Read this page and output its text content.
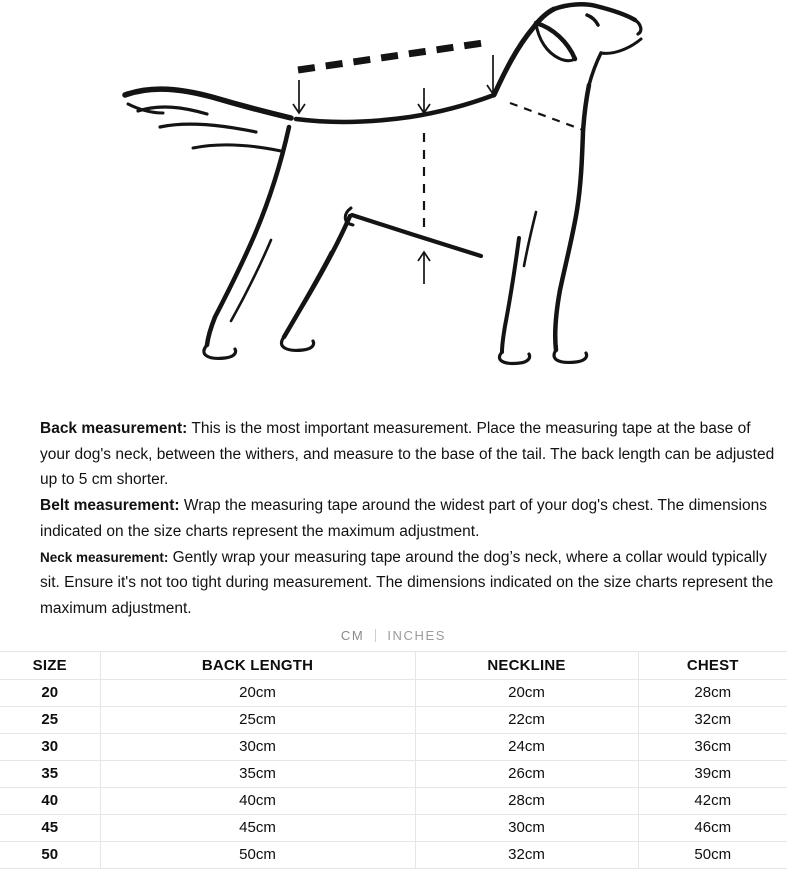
Back measurement: This is the most important measurement. Place the measuring tape at the base of your dog's neck, between the withers, and measure to the base of the tail. The back length can be adjusted up to 5 cm shorter.

Belt measurement: Wrap the measuring tape around the widest part of your dog's chest. The dimensions indicated on the size charts represent the maximum adjustment.

Neck measurement: Gently wrap your measuring tape around the dog’s neck, where a collar would typically sit. Ensure it's not too tight during measurement. The dimensions indicated on the size charts represent the maximum adjustment.

CM INCHES
SIZE	BACK LENGTH	NECKLINE	CHEST
20	20cm	20cm	28cm
25	25cm	22cm	32cm
30	30cm	24cm	36cm
35	35cm	26cm	39cm
40	40cm	28cm	42cm
45	45cm	30cm	46cm
50	50cm	32cm	50cm
